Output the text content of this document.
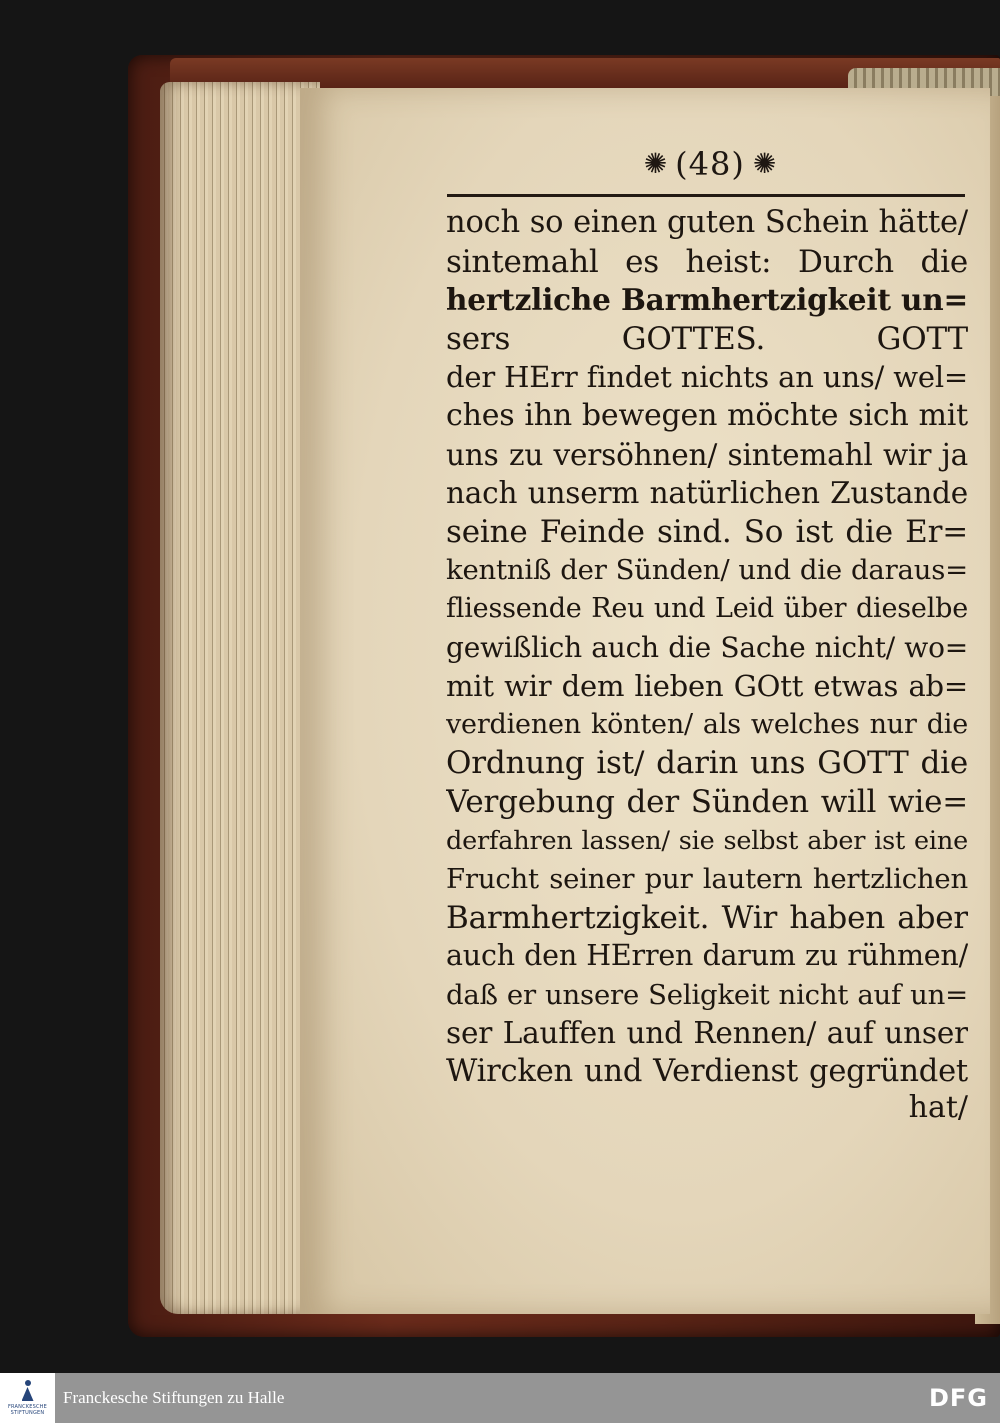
✺ (48) ✺
noch so einen guten Schein hätte/
sintemahl es heist: Durch die
hertzliche Barmhertzigkeit un=
sers GOTTES. GOTT
der HErr findet nichts an uns/ wel=
ches ihn bewegen möchte sich mit
uns zu versöhnen/ sintemahl wir ja
nach unserm natürlichen Zustande
seine Feinde sind. So ist die Er=
kentniß der Sünden/ und die daraus=
fliessende Reu und Leid über dieselbe
gewißlich auch die Sache nicht/ wo=
mit wir dem lieben GOtt etwas ab=
verdienen könten/ als welches nur die
Ordnung ist/ darin uns GOTT die
Vergebung der Sünden will wie=
derfahren lassen/ sie selbst aber ist eine
Frucht seiner pur lautern hertzlichen
Barmhertzigkeit. Wir haben aber
auch den HErren darum zu rühmen/
daß er unsere Seligkeit nicht auf un=
ser Lauffen und Rennen/ auf unser
Wircken und Verdienst gegründet
hat/
FRANCKESCHE STIFTUNGEN
Franckesche Stiftungen zu Halle	DFG
